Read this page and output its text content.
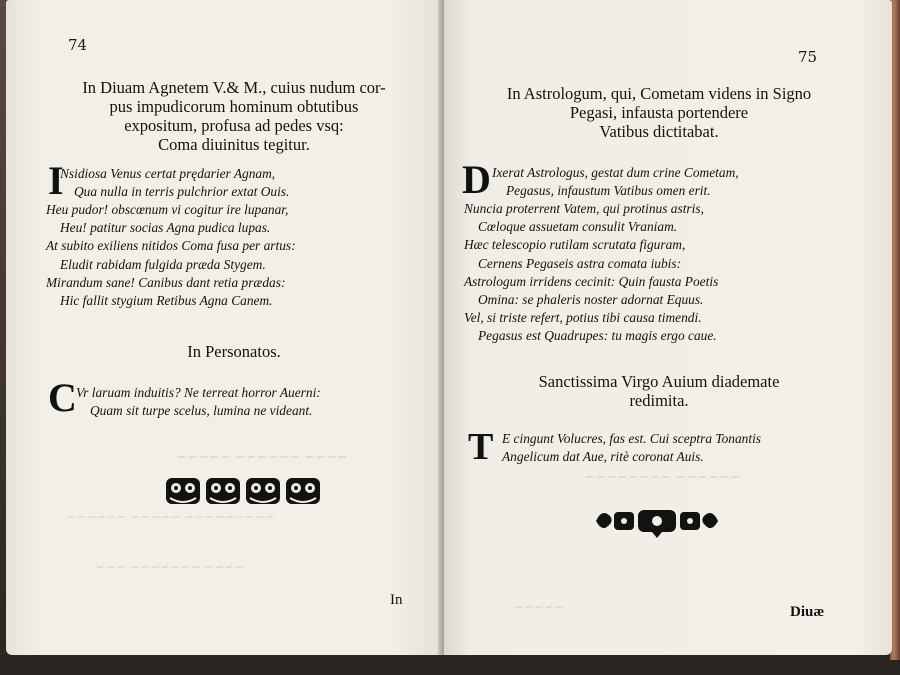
~~~~ ~~~~~~ ~~~~~
~~~~~~~~~ ~~~~~ ~~~~~~
~~~~ ~~~~~~~ ~~~
74
In Diuam Agnetem V.& M., cuius nudum cor-
pus impudicorum hominum obtutibus
expositum, profusa ad pedes vsq:
Coma diuinitus tegitur.
I
Nsidiosa Venus certat prędarier Agnam,
Qua nulla in terris pulchrior extat Ouis.
Heu pudor! obscœnum vi cogitur ire lupanar,
Heu! patitur socias Agna pudica lupas.
At subito exiliens nitidos Coma fusa per artus:
Eludit rabidam fulgida præda Stygem.
Mirandum sane! Canibus dant retia prædas:
Hic fallit stygium Retibus Agna Canem.
In Personatos.
C Vr laruam induitis? Ne terreat horror Auerni:
Quam sit turpe scelus, lumina ne videant.
In
~~~~~~ ~~~~~~~~
~~~~~
75
In Astrologum, qui, Cometam videns in Signo
Pegasi, infausta portendere
Vatibus dictitabat.
D Ixerat Astrologus, gestat dum crine Cometam,
Pegasus, infaustum Vatibus omen erit.
Nuncia proterrent Vatem, qui protinus astris,
Cœloque assuetam consulit Vraniam.
Hæc telescopio rutilam scrutata figuram,
Cernens Pegaseis astra comata iubis:
Astrologum irridens cecinit: Quin fausta Poetis
Omina: se phaleris noster adornat Equus.
Vel, si triste refert, potius tibi causa timendi.
Pegasus est Quadrupes: tu magis ergo caue.
Sanctissima Virgo Auium diademate
redimita.
T E cingunt Volucres, fas est. Cui sceptra Tonantis
Angelicum dat Aue, ritè coronat Auis.
Diuæ
